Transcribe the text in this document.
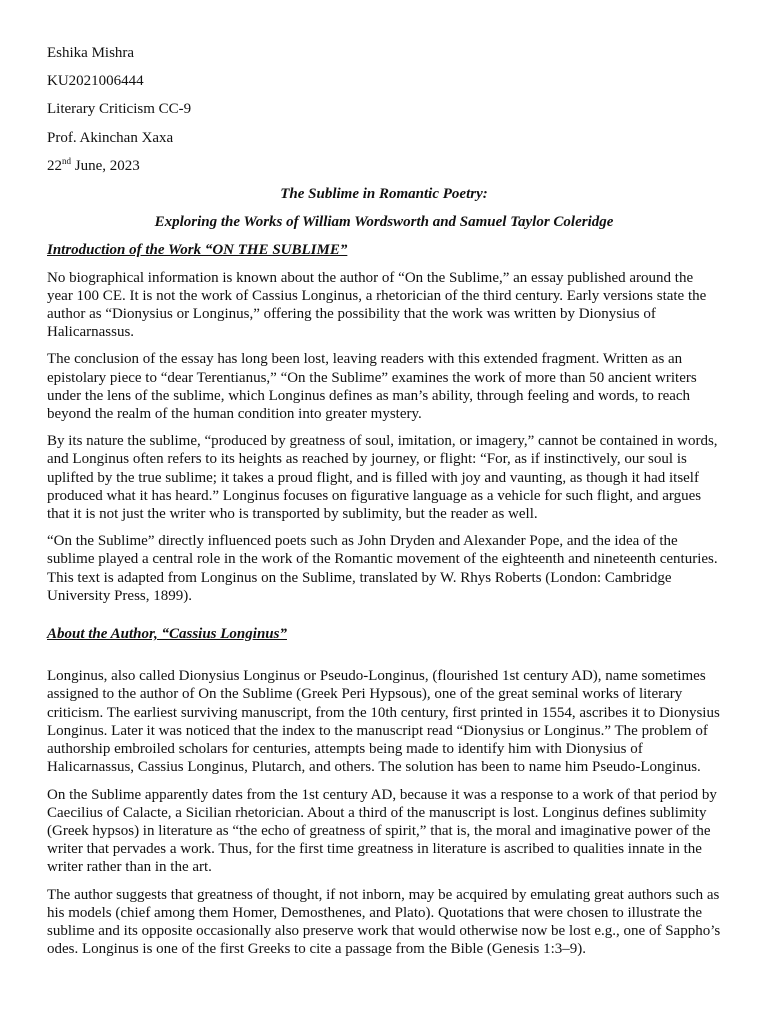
Eshika Mishra

KU2021006444

Literary Criticism CC-9

Prof. Akinchan Xaxa

22nd June, 2023

The Sublime in Romantic Poetry:

Exploring the Works of William Wordsworth and Samuel Taylor Coleridge

Introduction of the Work “ON THE SUBLIME”

No biographical information is known about the author of “On the Sublime,” an essay published around the year 100 CE. It is not the work of Cassius Longinus, a rhetorician of the third century. Early versions state the author as “Dionysius or Longinus,” offering the possibility that the work was written by Dionysius of Halicarnassus.

The conclusion of the essay has long been lost, leaving readers with this extended fragment. Written as an epistolary piece to “dear Terentianus,” “On the Sublime” examines the work of more than 50 ancient writers under the lens of the sublime, which Longinus defines as man’s ability, through feeling and words, to reach beyond the realm of the human condition into greater mystery.

By its nature the sublime, “produced by greatness of soul, imitation, or imagery,” cannot be contained in words, and Longinus often refers to its heights as reached by journey, or flight: “For, as if instinctively, our soul is uplifted by the true sublime; it takes a proud flight, and is filled with joy and vaunting, as though it had itself produced what it has heard.” Longinus focuses on figurative language as a vehicle for such flight, and argues that it is not just the writer who is transported by sublimity, but the reader as well.

“On the Sublime” directly influenced poets such as John Dryden and Alexander Pope, and the idea of the sublime played a central role in the work of the Romantic movement of the eighteenth and nineteenth centuries. This text is adapted from Longinus on the Sublime, translated by W. Rhys Roberts (London: Cambridge University Press, 1899).

About the Author, “Cassius Longinus”

Longinus, also called Dionysius Longinus or Pseudo-Longinus, (flourished 1st century AD), name sometimes assigned to the author of On the Sublime (Greek Peri Hypsous), one of the great seminal works of literary criticism. The earliest surviving manuscript, from the 10th century, first printed in 1554, ascribes it to Dionysius Longinus. Later it was noticed that the index to the manuscript read “Dionysius or Longinus.” The problem of authorship embroiled scholars for centuries, attempts being made to identify him with Dionysius of Halicarnassus, Cassius Longinus, Plutarch, and others. The solution has been to name him Pseudo-Longinus.

On the Sublime apparently dates from the 1st century AD, because it was a response to a work of that period by Caecilius of Calacte, a Sicilian rhetorician. About a third of the manuscript is lost. Longinus defines sublimity (Greek hypsos) in literature as “the echo of greatness of spirit,” that is, the moral and imaginative power of the writer that pervades a work. Thus, for the first time greatness in literature is ascribed to qualities innate in the writer rather than in the art.

The author suggests that greatness of thought, if not inborn, may be acquired by emulating great authors such as his models (chief among them Homer, Demosthenes, and Plato). Quotations that were chosen to illustrate the sublime and its opposite occasionally also preserve work that would otherwise now be lost e.g., one of Sappho’s odes. Longinus is one of the first Greeks to cite a passage from the Bible (Genesis 1:3–9).
